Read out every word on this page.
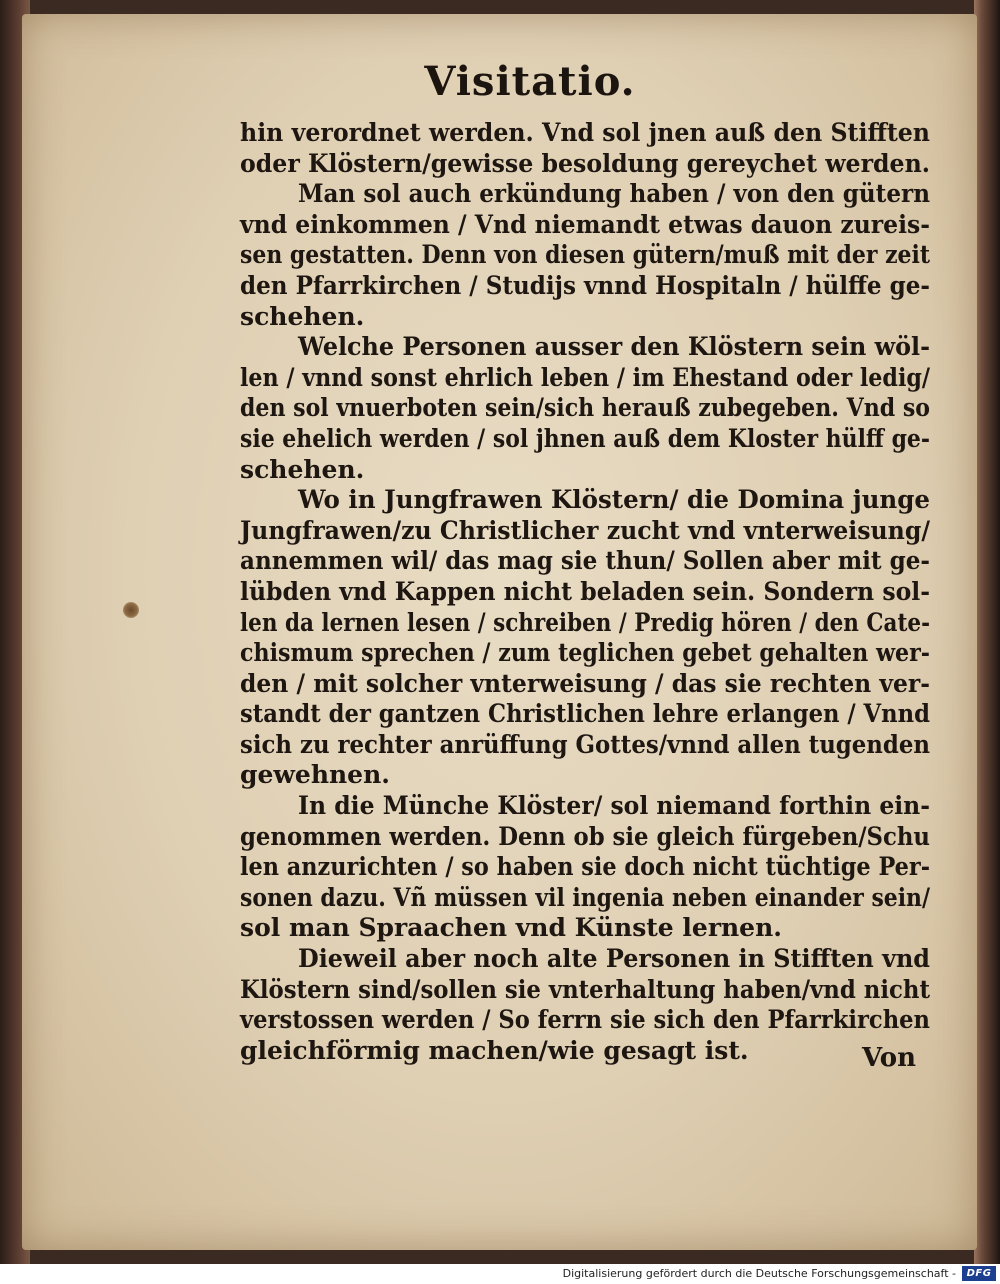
Visitatio.
hin verordnet werden. Vnd sol jnen auß den Stifften
oder Klöstern/gewisse besoldung gereychet werden.
Man sol auch erkündung haben / von den gütern
vnd einkommen / Vnd niemandt etwas dauon zureis-
sen gestatten. Denn von diesen gütern/muß mit der zeit
den Pfarrkirchen / Studijs vnnd Hospitaln / hülffe ge-
schehen.
Welche Personen ausser den Klöstern sein wöl-
len / vnnd sonst ehrlich leben / im Ehestand oder ledig/
den sol vnuerboten sein/sich herauß zubegeben. Vnd so
sie ehelich werden / sol jhnen auß dem Kloster hülff ge-
schehen.
Wo in Jungfrawen Klöstern/ die Domina junge
Jungfrawen/zu Christlicher zucht vnd vnterweisung/
annemmen wil/ das mag sie thun/ Sollen aber mit ge-
lübden vnd Kappen nicht beladen sein. Sondern sol-
len da lernen lesen / schreiben / Predig hören / den Cate-
chismum sprechen / zum teglichen gebet gehalten wer-
den / mit solcher vnterweisung / das sie rechten ver-
standt der gantzen Christlichen lehre erlangen / Vnnd
sich zu rechter anrüffung Gottes/vnnd allen tugenden
gewehnen.
In die Münche Klöster/ sol niemand forthin ein-
genommen werden. Denn ob sie gleich fürgeben/Schu
len anzurichten / so haben sie doch nicht tüchtige Per-
sonen dazu. Vñ müssen vil ingenia neben einander sein/
sol man Spraachen vnd Künste lernen.
Dieweil aber noch alte Personen in Stifften vnd
Klöstern sind/sollen sie vnterhaltung haben/vnd nicht
verstossen werden / So ferrn sie sich den Pfarrkirchen
gleichförmig machen/wie gesagt ist.	Von
Digitalisierung gefördert durch die Deutsche Forschungsgemeinschaft -	DFG
